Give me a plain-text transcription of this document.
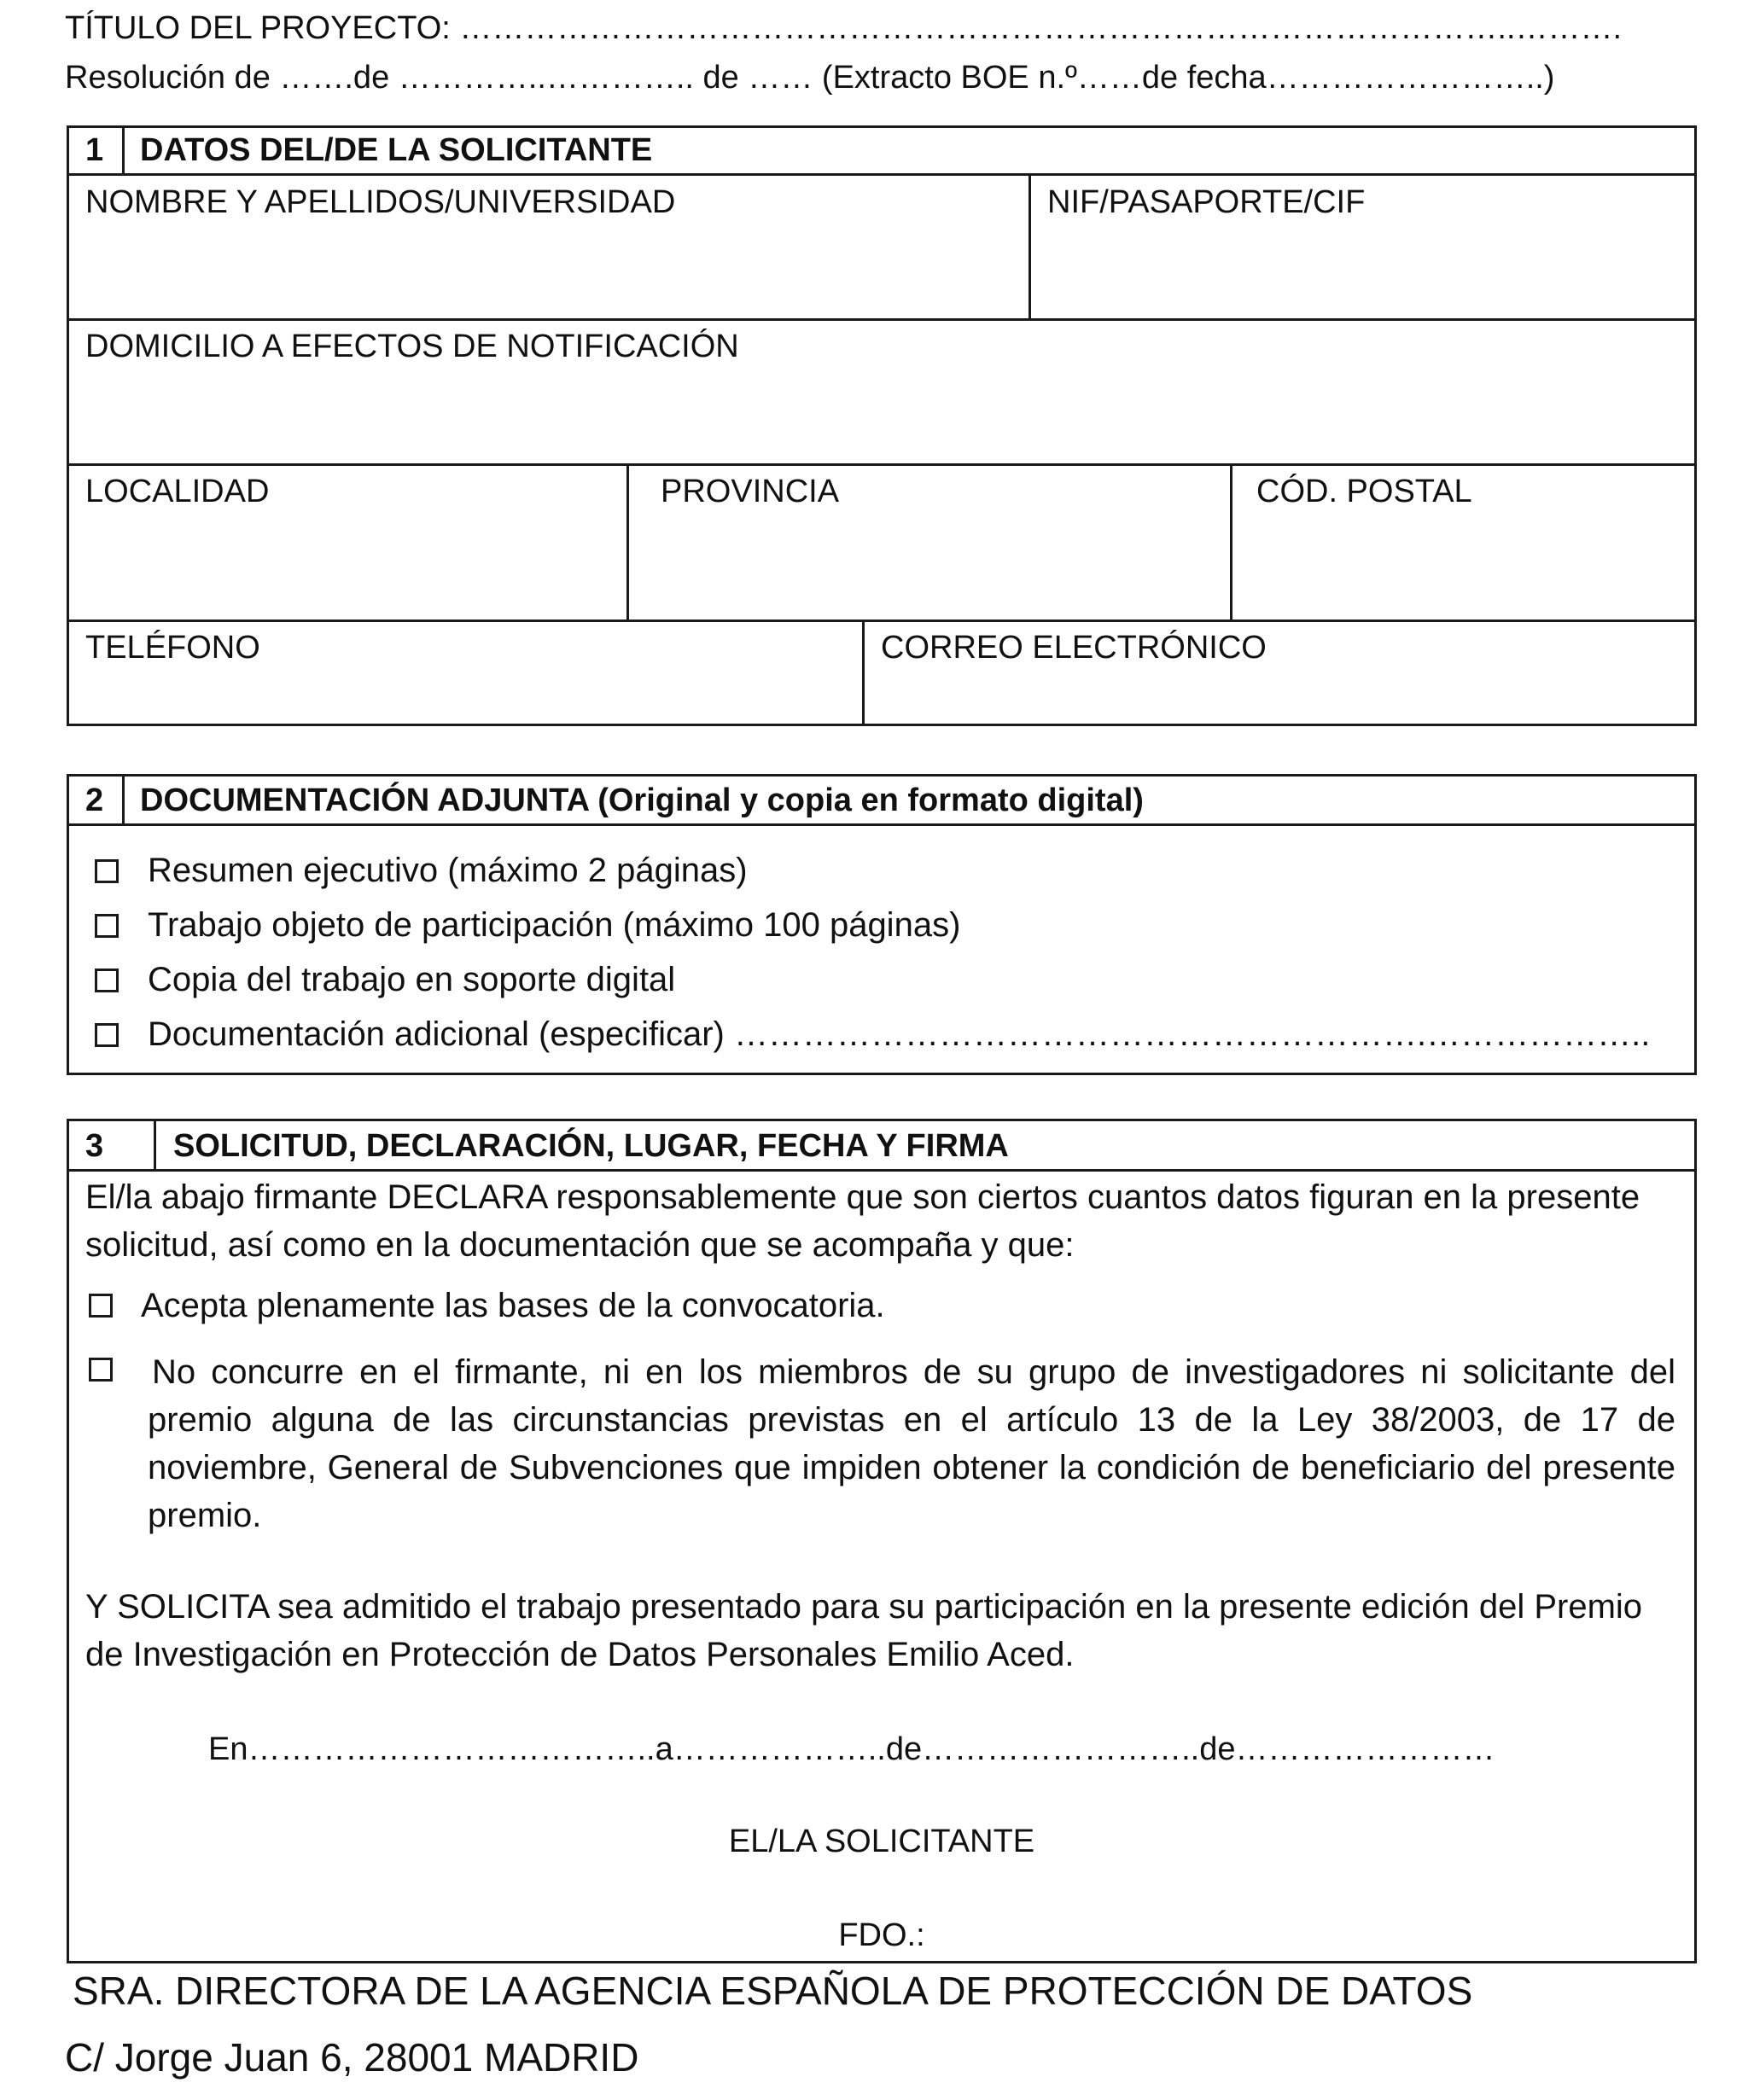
TÍTULO DEL PROYECTO: ……………………………………………………………………………………..……….
Resolución de …….de …………..………….. de …… (Extracto BOE n.º……de fecha……………………..)
1 DATOS DEL/DE LA SOLICITANTE
NOMBRE Y APELLIDOS/UNIVERSIDAD	NIF/PASAPORTE/CIF
DOMICILIO A EFECTOS DE NOTIFICACIÓN
LOCALIDAD	PROVINCIA	CÓD. POSTAL
TELÉFONO	CORREO ELECTRÓNICO
2 DOCUMENTACIÓN ADJUNTA (Original y copia en formato digital)
Resumen ejecutivo (máximo 2 páginas)
Trabajo objeto de participación (máximo 100 páginas)
Copia del trabajo en soporte digital
Documentación adicional (especificar) …………………………………………………….………………..
3 SOLICITUD, DECLARACIÓN, LUGAR, FECHA Y FIRMA
El/la abajo firmante DECLARA responsablemente que son ciertos cuantos datos figuran en la presente solicitud, así como en la documentación que se acompaña y que:
Acepta plenamente las bases de la convocatoria.
No concurre en el firmante, ni en los miembros de su grupo de investigadores ni solicitante del premio alguna de las circunstancias previstas en el artículo 13 de la Ley 38/2003, de 17 de noviembre, General de Subvenciones que impiden obtener la condición de beneficiario del presente premio.
Y SOLICITA sea admitido el trabajo presentado para su participación en la presente edición del Premio de Investigación en Protección de Datos Personales Emilio Aced.
En………………………………..a………………..de……………………..de……………………
EL/LA SOLICITANTE
FDO.:
SRA. DIRECTORA DE LA AGENCIA ESPAÑOLA DE PROTECCIÓN DE DATOS
C/ Jorge Juan 6, 28001 MADRID
